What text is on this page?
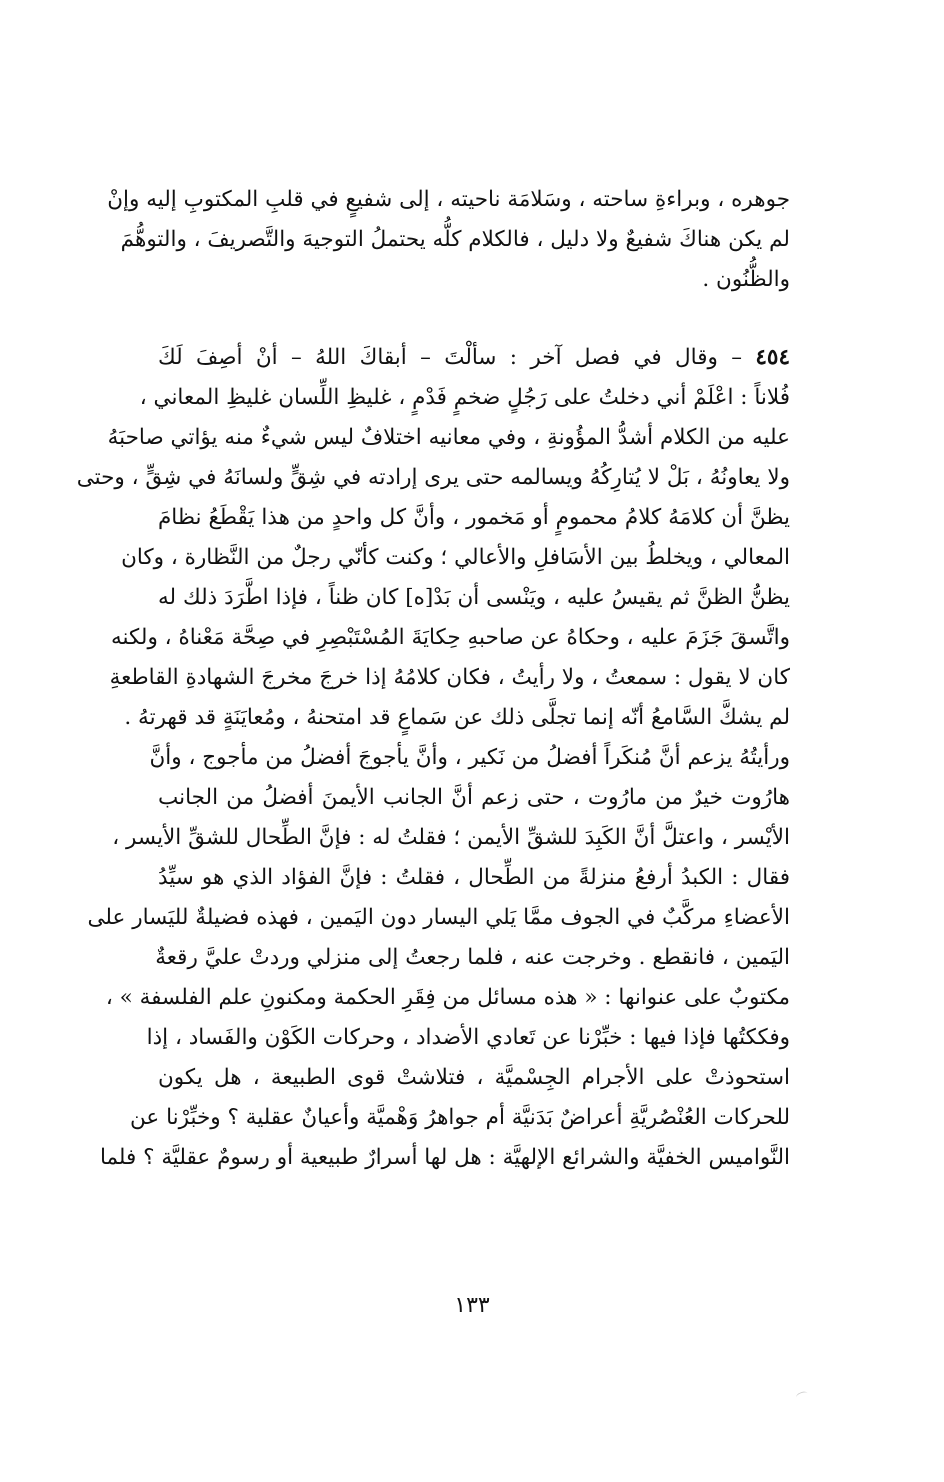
جوهره ، وبراءةِ ساحته ، وسَلامَة ناحيته ، إلى شفيعٍ في قلبِ المكتوبِ إليه وإنْ
لم يكن هناكَ شفيعٌ ولا دليل ، فالكلام كلُّه يحتملُ التوجيهَ والتَّصريفَ ، والتوهُّمَ
والظُّنُون .
٤٥٤ – وقال في فصل آخر : سألْتَ – أبقاكَ اللهُ – أنْ أصِفَ لَكَ
فُلاناً : اعْلَمْ أني دخلتُ على رَجُلٍ ضخمٍ فَدْمٍ ، غليظِ اللِّسان غليظِ المعاني ،
عليه من الكلام أشدُّ المؤُونةِ ، وفي معانيه اختلافٌ ليس شيءٌ منه يؤاتي صاحبَهُ
ولا يعاونُهُ ، بَلْ لا يُتارِكُهُ ويسالمه حتى يرى إرادته في شِقٍّ ولسانَهُ في شِقٍّ ، وحتى
يظنَّ أن كلامَهُ كلامُ محمومٍ أو مَخمور ، وأنَّ كل واحدٍ من هذا يَقْطَعُ نظامَ
المعالي ، ويخلطُ بين الأسَافلِ والأعالي ؛ وكنت كأنّي رجلٌ من النَّظارة ، وكان
يظنُّ الظنَّ ثم يقيسُ عليه ، ويَنْسى أن بَدْ[ه] كان ظناً ، فإذا اطَّرَدَ ذلك له
واتَّسقَ جَزَمَ عليه ، وحكاهُ عن صاحبهِ حِكايَةَ المُسْتَبْصِرِ في صِحَّة مَعْناهُ ، ولكنه
كان لا يقول : سمعتُ ، ولا رأيتُ ، فكان كلامُهُ إذا خرجَ مخرجَ الشهادةِ القاطعةِ
لم يشكَّ السَّامعُ أنّه إنما تجلَّى ذلك عن سَماعٍ قد امتحنهُ ، ومُعايَنَةٍ قد قهرتهُ .
ورأيتُهُ يزعم أنَّ مُنكَراً أفضلُ من نَكير ، وأنَّ يأجوجَ أفضلُ من مأجوج ، وأنَّ
هارُوت خيرٌ من مارُوت ، حتى زعم أنَّ الجانب الأيمنَ أفضلُ من الجانب
الأيْسر ، واعتلَّ أنَّ الكَبِدَ للشقِّ الأيمن ؛ فقلتُ له : فإنَّ الطِّحال للشقِّ الأيسر ،
فقال : الكبدُ أرفعُ منزلةً من الطِّحال ، فقلتُ : فإنَّ الفؤاد الذي هو سيِّدُ
الأعضاءِ مركَّبٌ في الجوف ممَّا يَلي اليسار دون اليَمين ، فهذه فضيلةٌ لليَسار على
اليَمين ، فانقطع . وخرجت عنه ، فلما رجعتُ إلى منزلي وردتْ عليَّ رقعةٌ
مكتوبٌ على عنوانها : « هذه مسائل من فِقَرِ الحكمة ومكنونِ علم الفلسفة » ،
وفككتُها فإذا فيها : خبِّرْنا عن تَعادي الأضداد ، وحركات الكَوْن والفَساد ، إذا
استحوذتْ على الأجرام الجِسْميَّة ، فتلاشتْ قوى الطبيعة ، هل يكون
للحركات العُنْصُريَّةِ أعراضٌ بَدَنيَّة أم جواهرُ وَهْميَّة وأعيانٌ عقلية ؟ وخبِّرْنا عن
النَّواميس الخفيَّة والشرائع الإلهيَّة : هل لها أسرارٌ طبيعية أو رسومٌ عقليَّة ؟ فلما
١٣٣
